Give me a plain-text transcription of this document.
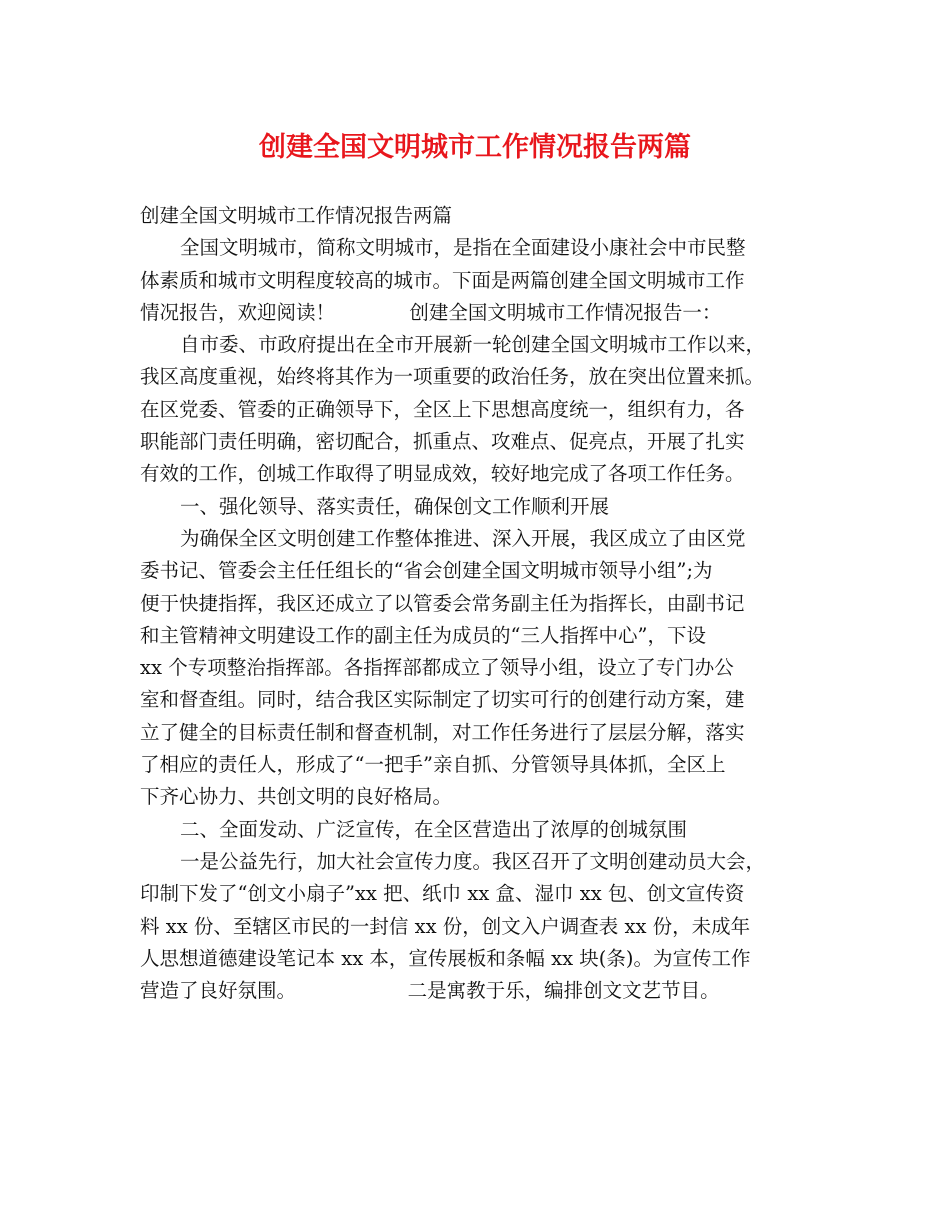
创建全国文明城市工作情况报告两篇
创建全国文明城市工作情况报告两篇
全国文明城市，简称文明城市，是指在全面建设小康社会中市民整
体素质和城市文明程度较高的城市。下面是两篇创建全国文明城市工作
情况报告，欢迎阅读！            创建全国文明城市工作情况报告一：
自市委、市政府提出在全市开展新一轮创建全国文明城市工作以来，
我区高度重视，始终将其作为一项重要的政治任务，放在突出位置来抓。
在区党委、管委的正确领导下，全区上下思想高度统一，组织有力，各
职能部门责任明确，密切配合，抓重点、攻难点、促亮点，开展了扎实
有效的工作，创城工作取得了明显成效，较好地完成了各项工作任务。
一、强化领导、落实责任，确保创文工作顺利开展
为确保全区文明创建工作整体推进、深入开展，我区成立了由区党
委书记、管委会主任任组长的“省会创建全国文明城市领导小组”;为
便于快捷指挥，我区还成立了以管委会常务副主任为指挥长，由副书记
和主管精神文明建设工作的副主任为成员的“三人指挥中心”，下设
xx 个专项整治指挥部。各指挥部都成立了领导小组，设立了专门办公
室和督查组。同时，结合我区实际制定了切实可行的创建行动方案，建
立了健全的目标责任制和督查机制，对工作任务进行了层层分解，落实
了相应的责任人，形成了“一把手”亲自抓、分管领导具体抓，全区上
下齐心协力、共创文明的良好格局。
二、全面发动、广泛宣传，在全区营造出了浓厚的创城氛围
一是公益先行，加大社会宣传力度。我区召开了文明创建动员大会，
印制下发了“创文小扇子”xx 把、纸巾 xx 盒、湿巾 xx 包、创文宣传资
料 xx 份、至辖区市民的一封信 xx 份，创文入户调查表 xx 份，未成年
人思想道德建设笔记本 xx 本，宣传展板和条幅 xx 块(条)。为宣传工作
营造了良好氛围。                  二是寓教于乐，编排创文文艺节目。
